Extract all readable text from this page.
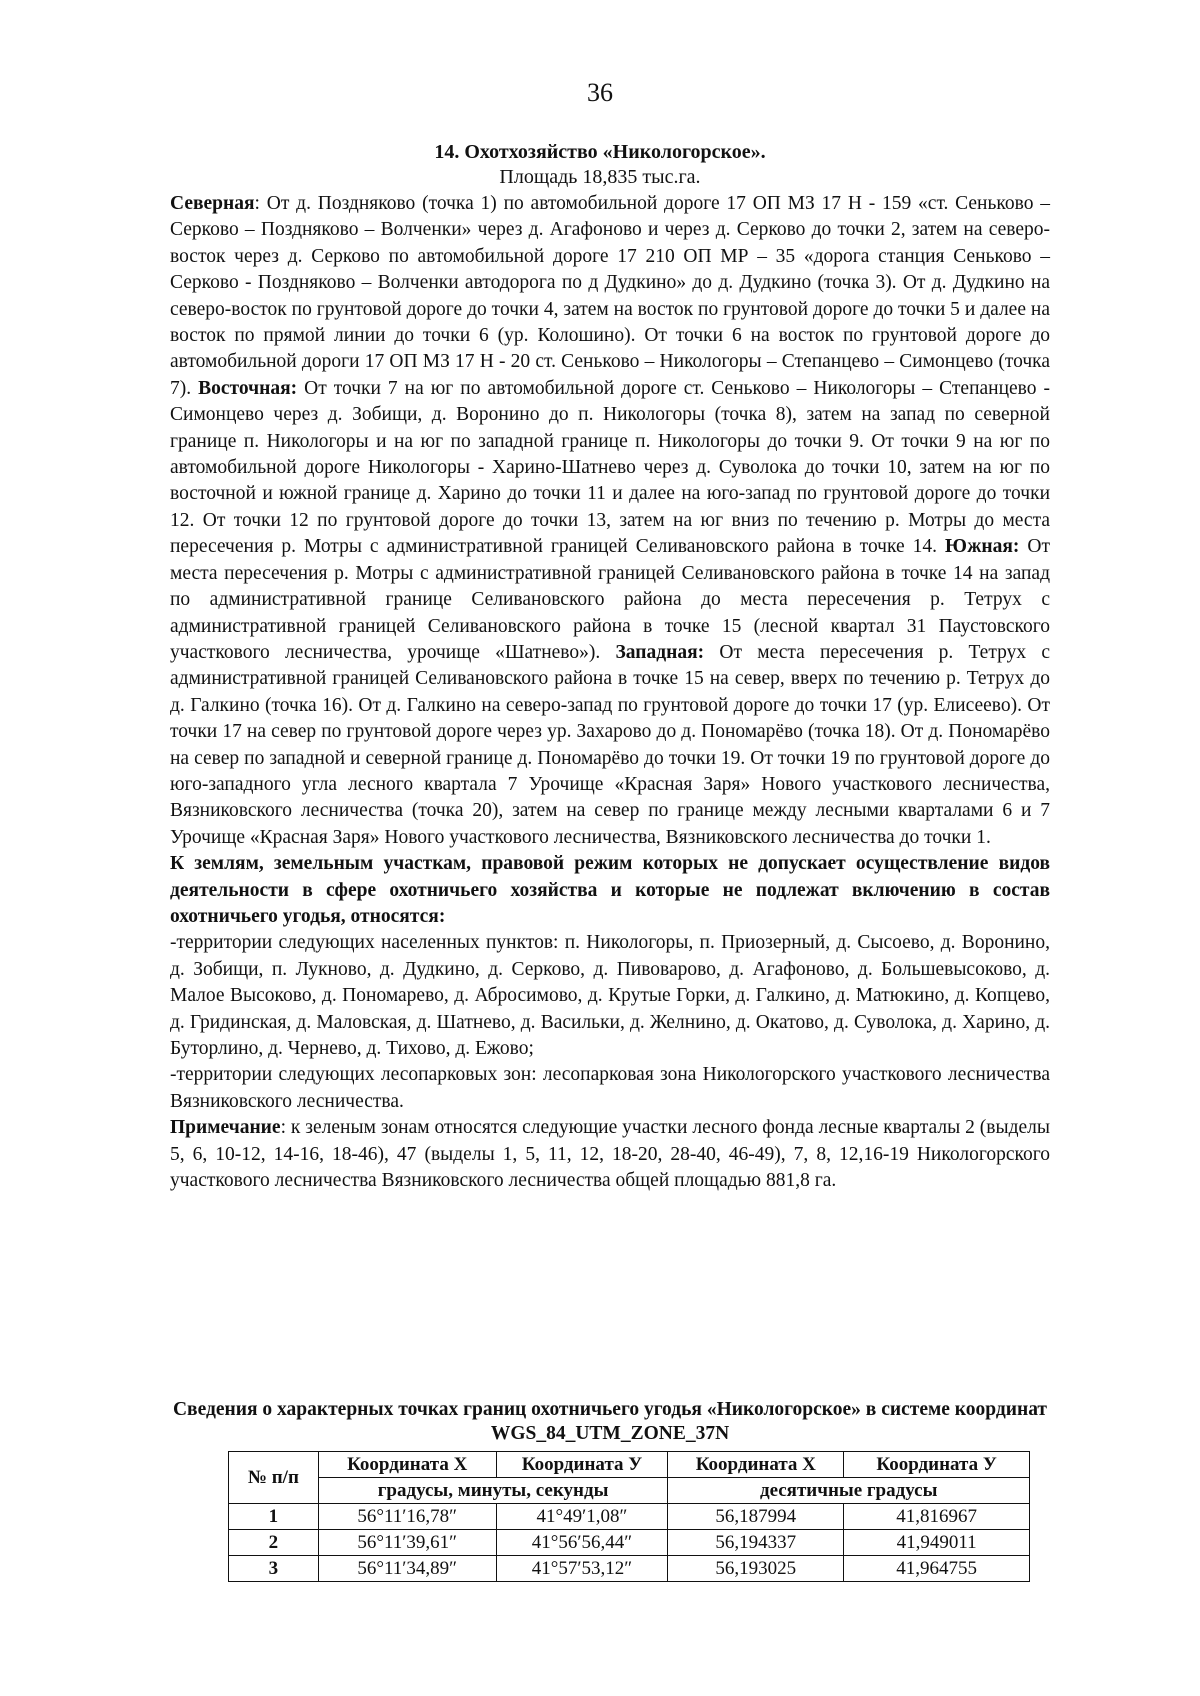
36
14. Охотхозяйство «Никологорское».
Площадь 18,835 тыс.га.

Северная: От д. Поздняково (точка 1) по автомобильной дороге 17 ОП МЗ 17 Н - 159 «ст. Сеньково – Серково – Поздняково – Волченки» через д. Агафоново и через д. Серково до точки 2, затем на северо-восток через д. Серково по автомобильной дороге 17 210 ОП МР – 35 «дорога станция Сеньково – Серково - Поздняково – Волченки автодорога по д Дудкино» до д. Дудкино (точка 3). От д. Дудкино на северо-восток по грунтовой дороге до точки 4, затем на восток по грунтовой дороге до точки 5 и далее на восток по прямой линии до точки 6 (ур. Колошино). От точки 6 на восток по грунтовой дороге до автомобильной дороги 17 ОП МЗ 17 Н - 20 ст. Сеньково – Никологоры – Степанцево – Симонцево (точка 7). Восточная: От точки 7 на юг по автомобильной дороге ст. Сеньково – Никологоры – Степанцево - Симонцево через д. Зобищи, д. Воронино до п. Никологоры (точка 8), затем на запад по северной границе п. Никологоры и на юг по западной границе п. Никологоры до точки 9. От точки 9 на юг по автомобильной дороге Никологоры - Харино-Шатнево через д. Суволока до точки 10, затем на юг по восточной и южной границе д. Харино до точки 11 и далее на юго-запад по грунтовой дороге до точки 12. От точки 12 по грунтовой дороге до точки 13, затем на юг вниз по течению р. Мотры до места пересечения р. Мотры с административной границей Селивановского района в точке 14. Южная: От места пересечения р. Мотры с административной границей Селивановского района в точке 14 на запад по административной границе Селивановского района до места пересечения р. Тетрух с административной границей Селивановского района в точке 15 (лесной квартал 31 Паустовского участкового лесничества, урочище «Шатнево»). Западная: От места пересечения р. Тетрух с административной границей Селивановского района в точке 15 на север, вверх по течению р. Тетрух до д. Галкино (точка 16). От д. Галкино на северо-запад по грунтовой дороге до точки 17 (ур. Елисеево). От точки 17 на север по грунтовой дороге через ур. Захарово до д. Пономарёво (точка 18). От д. Пономарёво на север по западной и северной границе д. Пономарёво до точки 19. От точки 19 по грунтовой дороге до юго-западного угла лесного квартала 7 Урочище «Красная Заря» Нового участкового лесничества, Вязниковского лесничества (точка 20), затем на север по границе между лесными кварталами 6 и 7 Урочище «Красная Заря» Нового участкового лесничества, Вязниковского лесничества до точки 1.

К землям, земельным участкам, правовой режим которых не допускает осуществление видов деятельности в сфере охотничьего хозяйства и которые не подлежат включению в состав охотничьего угодья, относятся:

-территории следующих населенных пунктов: п. Никологоры, п. Приозерный, д. Сысоево, д. Воронино, д. Зобищи, п. Лукново, д. Дудкино, д. Серково, д. Пивоварово, д. Агафоново, д. Большевысоково, д. Малое Высоково, д. Пономарево, д. Абросимово, д. Крутые Горки, д. Галкино, д. Матюкино, д. Копцево, д. Гридинская, д. Маловская, д. Шатнево, д. Васильки, д. Желнино, д. Окатово, д. Суволока, д. Харино, д. Буторлино, д. Чернево, д. Тихово, д. Ежово;

-территории следующих лесопарковых зон: лесопарковая зона Никологорского участкового лесничества Вязниковского лесничества.

Примечание: к зеленым зонам относятся следующие участки лесного фонда лесные кварталы 2 (выделы 5, 6, 10-12, 14-16, 18-46), 47 (выделы 1, 5, 11, 12, 18-20, 28-40, 46-49), 7, 8, 12,16-19 Никологорского участкового лесничества Вязниковского лесничества общей площадью 881,8 га.

Сведения о характерных точках границ охотничьего угодья «Никологорское» в системе координат WGS_84_UTM_ZONE_37N
№ п/п	Координата Х	Координата У	Координата Х	Координата У
	градусы, минуты, секунды		десятичные градусы	
1	56°11′16,78″	41°49′1,08″	56,187994	41,816967
2	56°11′39,61″	41°56′56,44″	56,194337	41,949011
3	56°11′34,89″	41°57′53,12″	56,193025	41,964755
